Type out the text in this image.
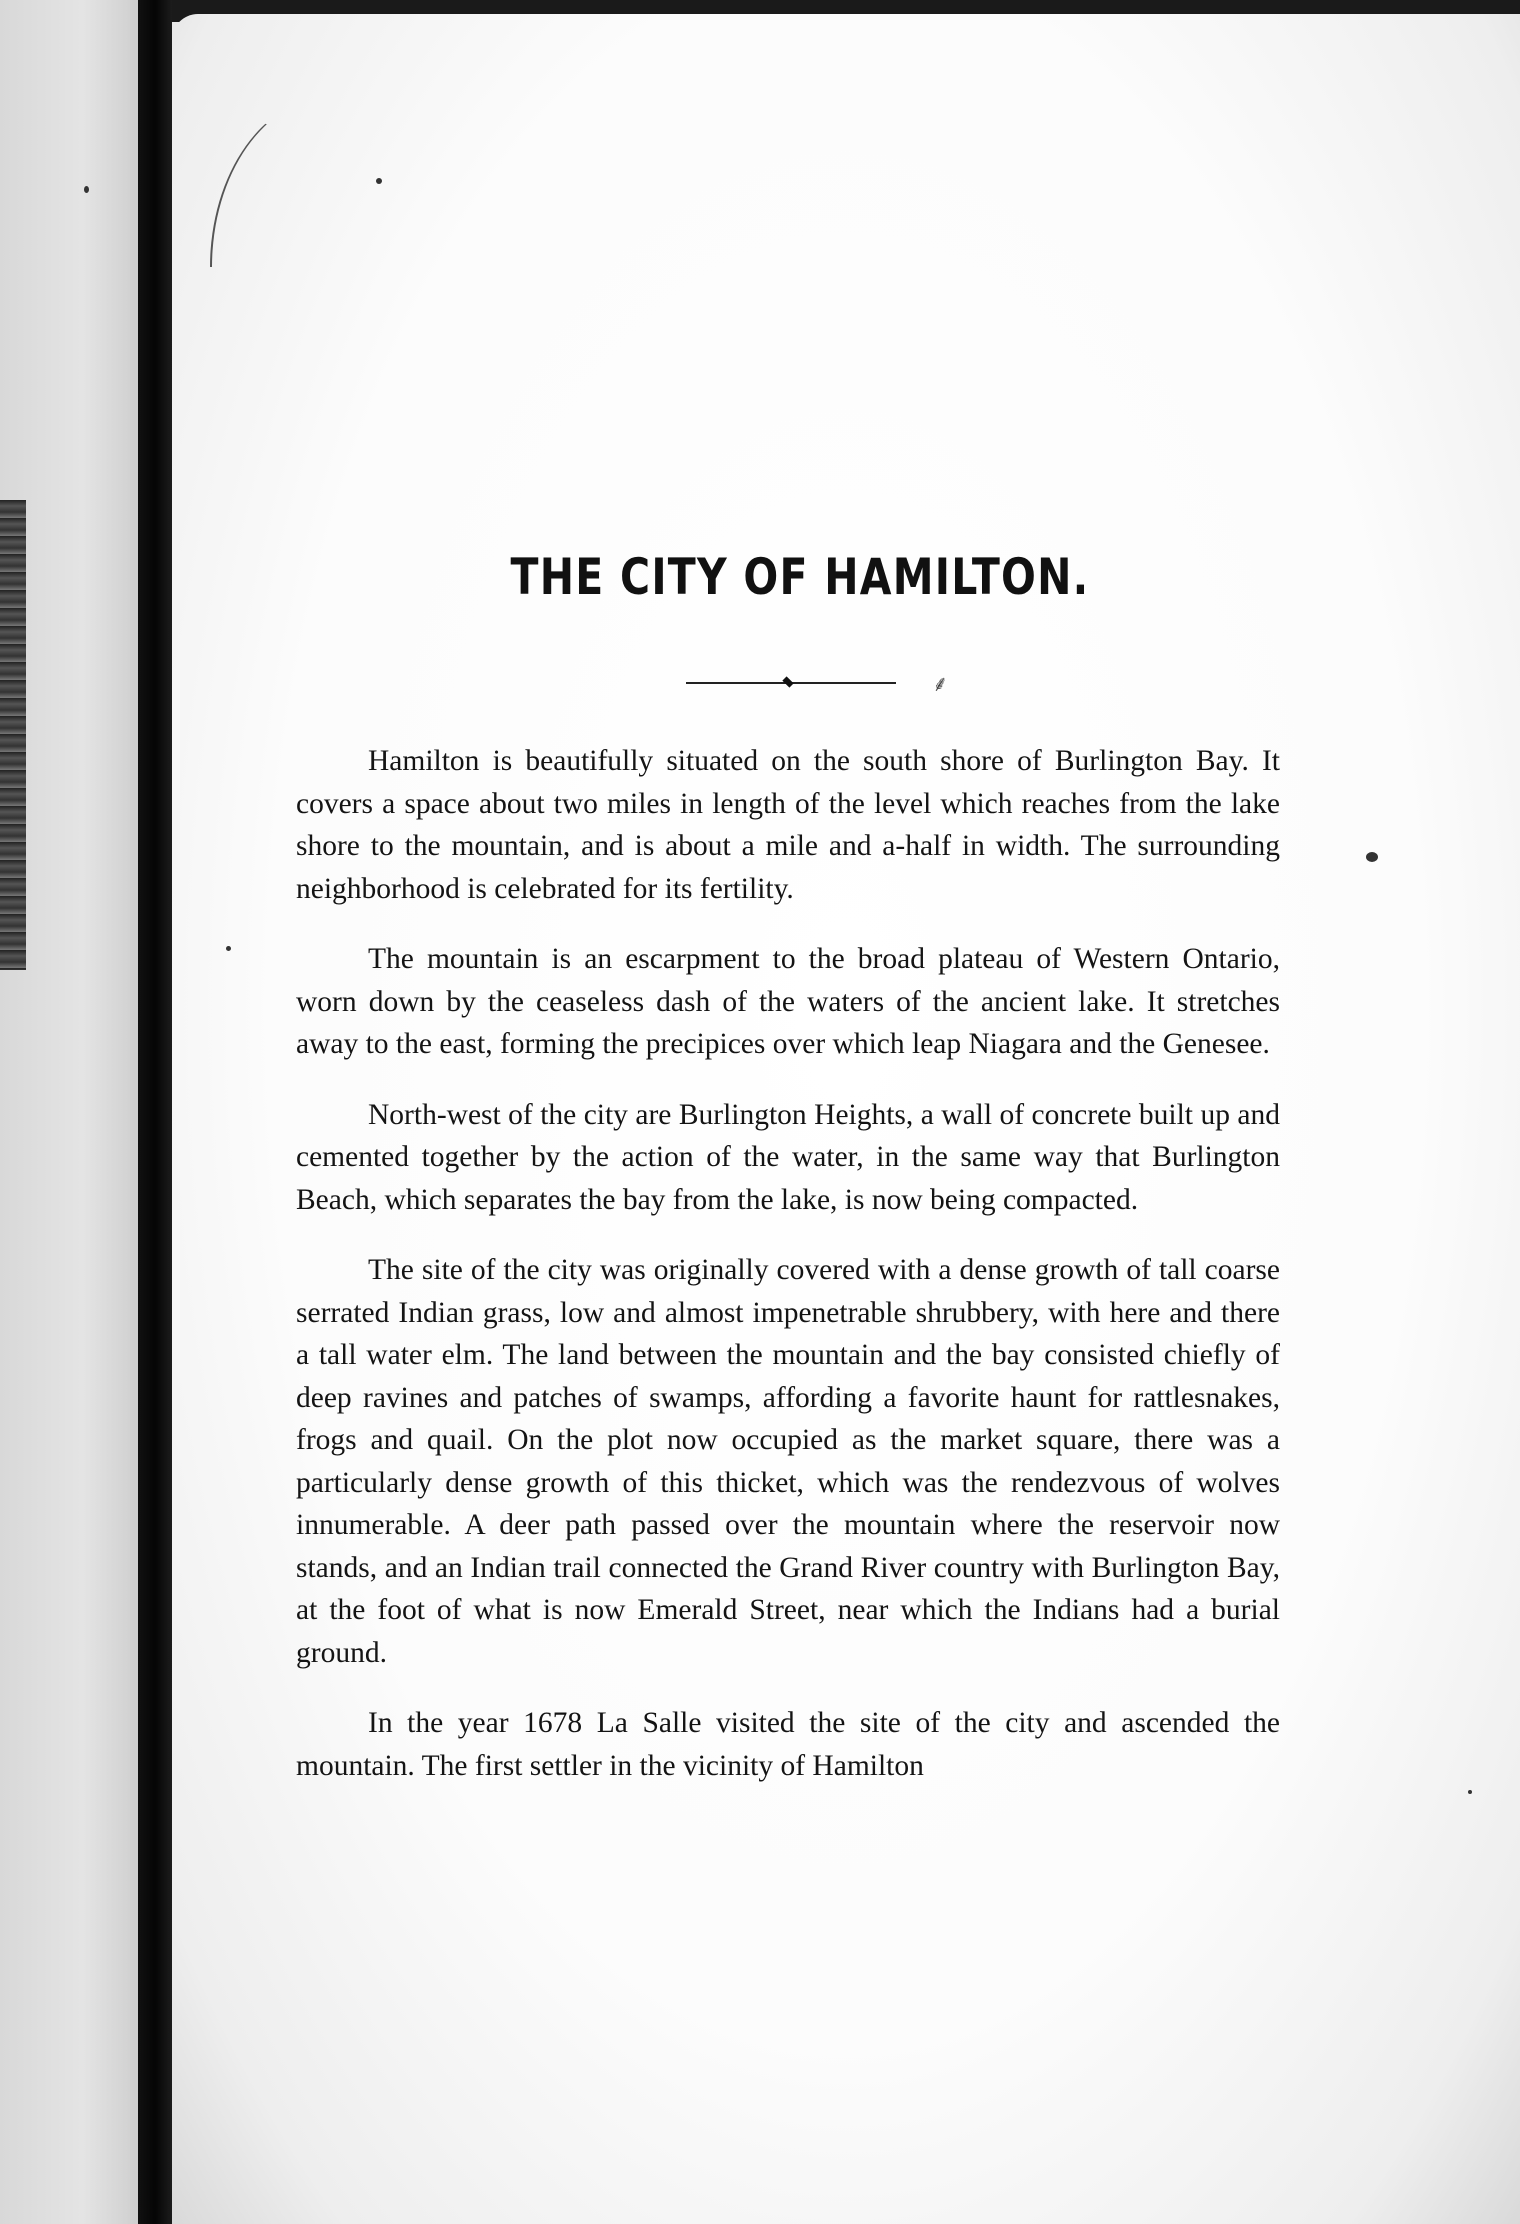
THE CITY OF HAMILTON.
⸙

Hamilton is beautifully situated on the south shore of Burlington Bay. It covers a space about two miles in length of the level which reaches from the lake shore to the mountain, and is about a mile and a-half in width. The surrounding neighborhood is celebrated for its fertility.

The mountain is an escarpment to the broad plateau of Western Ontario, worn down by the ceaseless dash of the waters of the ancient lake. It stretches away to the east, forming the precipices over which leap Niagara and the Genesee.

North-west of the city are Burlington Heights, a wall of concrete built up and cemented together by the action of the water, in the same way that Burlington Beach, which separates the bay from the lake, is now being compacted.

The site of the city was originally covered with a dense growth of tall coarse serrated Indian grass, low and almost impenetrable shrubbery, with here and there a tall water elm. The land between the mountain and the bay consisted chiefly of deep ravines and patches of swamps, affording a favorite haunt for rattlesnakes, frogs and quail. On the plot now occupied as the market square, there was a particularly dense growth of this thicket, which was the rendezvous of wolves innumerable. A deer path passed over the mountain where the reservoir now stands, and an Indian trail connected the Grand River country with Burlington Bay, at the foot of what is now Emerald Street, near which the Indians had a burial ground.

In the year 1678 La Salle visited the site of the city and ascended the mountain. The first settler in the vicinity of Hamilton
